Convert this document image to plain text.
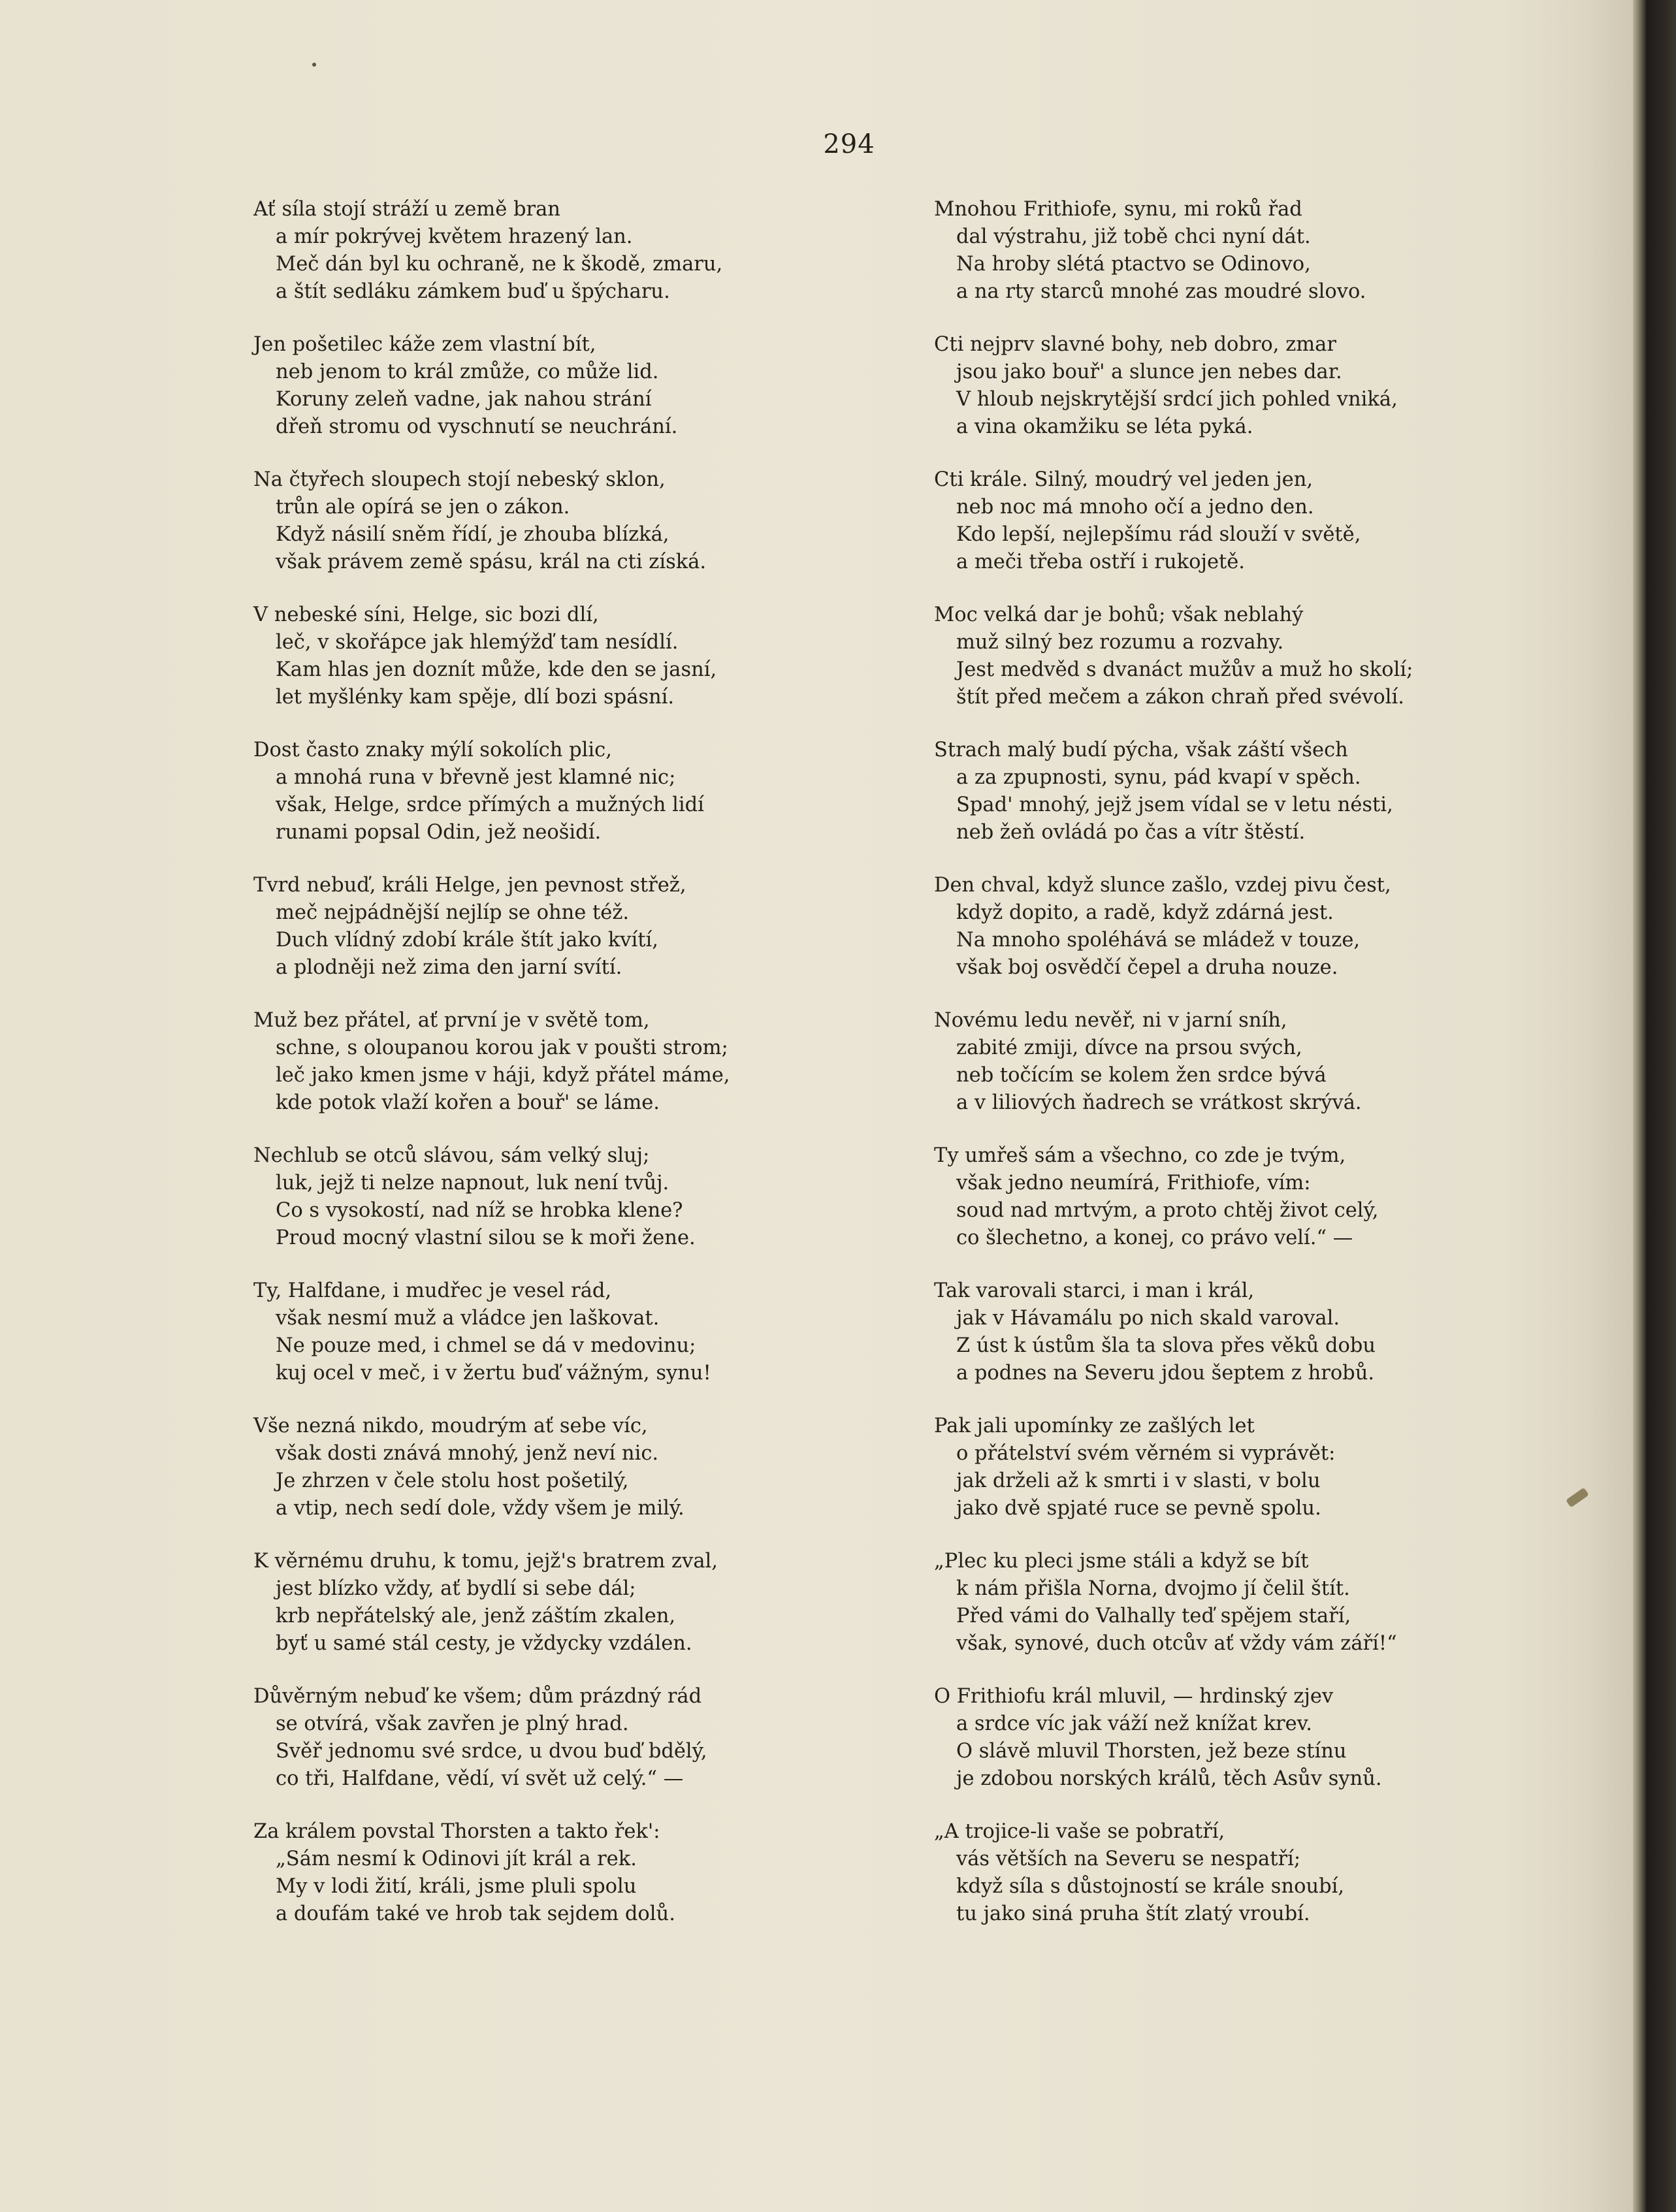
294
Ať síla stojí stráží u země bran
a mír pokrývej květem hrazený lan.
Meč dán byl ku ochraně, ne k škodě, zmaru,
a štít sedláku zámkem buď u špýcharu.
Jen pošetilec káže zem vlastní bít,
neb jenom to král zmůže, co může lid.
Koruny zeleň vadne, jak nahou strání
dřeň stromu od vyschnutí se neuchrání.
Na čtyřech sloupech stojí nebeský sklon,
trůn ale opírá se jen o zákon.
Když násilí sněm řídí, je zhouba blízká,
však právem země spásu, král na cti získá.
V nebeské síni, Helge, sic bozi dlí,
leč, v skořápce jak hlemýžď tam nesídlí.
Kam hlas jen doznít může, kde den se jasní,
let myšlénky kam spěje, dlí bozi spásní.
Dost často znaky mýlí sokolích plic,
a mnohá runa v břevně jest klamné nic;
však, Helge, srdce přímých a mužných lidí
runami popsal Odin, jež neošidí.
Tvrd nebuď, králi Helge, jen pevnost střež,
meč nejpádnější nejlíp se ohne též.
Duch vlídný zdobí krále štít jako kvítí,
a plodněji než zima den jarní svítí.
Muž bez přátel, ať první je v světě tom,
schne, s oloupanou korou jak v poušti strom;
leč jako kmen jsme v háji, když přátel máme,
kde potok vlaží kořen a bouř' se láme.
Nechlub se otců slávou, sám velký sluj;
luk, jejž ti nelze napnout, luk není tvůj.
Co s vysokostí, nad níž se hrobka klene?
Proud mocný vlastní silou se k moři žene.
Ty, Halfdane, i mudřec je vesel rád,
však nesmí muž a vládce jen laškovat.
Ne pouze med, i chmel se dá v medovinu;
kuj ocel v meč, i v žertu buď vážným, synu!
Vše nezná nikdo, moudrým ať sebe víc,
však dosti znává mnohý, jenž neví nic.
Je zhrzen v čele stolu host pošetilý,
a vtip, nech sedí dole, vždy všem je milý.
K věrnému druhu, k tomu, jejž's bratrem zval,
jest blízko vždy, ať bydlí si sebe dál;
krb nepřátelský ale, jenž záštím zkalen,
byť u samé stál cesty, je vždycky vzdálen.
Důvěrným nebuď ke všem; dům prázdný rád
se otvírá, však zavřen je plný hrad.
Svěř jednomu své srdce, u dvou buď bdělý,
co tři, Halfdane, vědí, ví svět už celý.“ —
Za králem povstal Thorsten a takto řek':
„Sám nesmí k Odinovi jít král a rek.
My v lodi žití, králi, jsme pluli spolu
a doufám také ve hrob tak sejdem dolů.
Mnohou Frithiofe, synu, mi roků řad
dal výstrahu, již tobě chci nyní dát.
Na hroby slétá ptactvo se Odinovo,
a na rty starců mnohé zas moudré slovo.
Cti nejprv slavné bohy, neb dobro, zmar
jsou jako bouř' a slunce jen nebes dar.
V hloub nejskrytější srdcí jich pohled vniká,
a vina okamžiku se léta pyká.
Cti krále. Silný, moudrý vel jeden jen,
neb noc má mnoho očí a jedno den.
Kdo lepší, nejlepšímu rád slouží v světě,
a meči třeba ostří i rukojetě.
Moc velká dar je bohů; však neblahý
muž silný bez rozumu a rozvahy.
Jest medvěd s dvanáct mužův a muž ho skolí;
štít před mečem a zákon chraň před svévolí.
Strach malý budí pýcha, však záští všech
a za zpupnosti, synu, pád kvapí v spěch.
Spad' mnohý, jejž jsem vídal se v letu nésti,
neb žeň ovládá po čas a vítr štěstí.
Den chval, když slunce zašlo, vzdej pivu čest,
když dopito, a radě, když zdárná jest.
Na mnoho spoléhává se mládež v touze,
však boj osvědčí čepel a druha nouze.
Novému ledu nevěř, ni v jarní sníh,
zabité zmiji, dívce na prsou svých,
neb točícím se kolem žen srdce bývá
a v liliových ňadrech se vrátkost skrývá.
Ty umřeš sám a všechno, co zde je tvým,
však jedno neumírá, Frithiofe, vím:
soud nad mrtvým, a proto chtěj život celý,
co šlechetno, a konej, co právo velí.“ —
Tak varovali starci, i man i král,
jak v Hávamálu po nich skald varoval.
Z úst k ústům šla ta slova přes věků dobu
a podnes na Severu jdou šeptem z hrobů.
Pak jali upomínky ze zašlých let
o přátelství svém věrném si vyprávět:
jak drželi až k smrti i v slasti, v bolu
jako dvě spjaté ruce se pevně spolu.
„Plec ku pleci jsme stáli a když se bít
k nám přišla Norna, dvojmo jí čelil štít.
Před vámi do Valhally teď spějem staří,
však, synové, duch otcův ať vždy vám září!“
O Frithiofu král mluvil, — hrdinský zjev
a srdce víc jak váží než knížat krev.
O slávě mluvil Thorsten, jež beze stínu
je zdobou norských králů, těch Asův synů.
„A trojice-li vaše se pobratří,
vás větších na Severu se nespatří;
když síla s důstojností se krále snoubí,
tu jako siná pruha štít zlatý vroubí.
